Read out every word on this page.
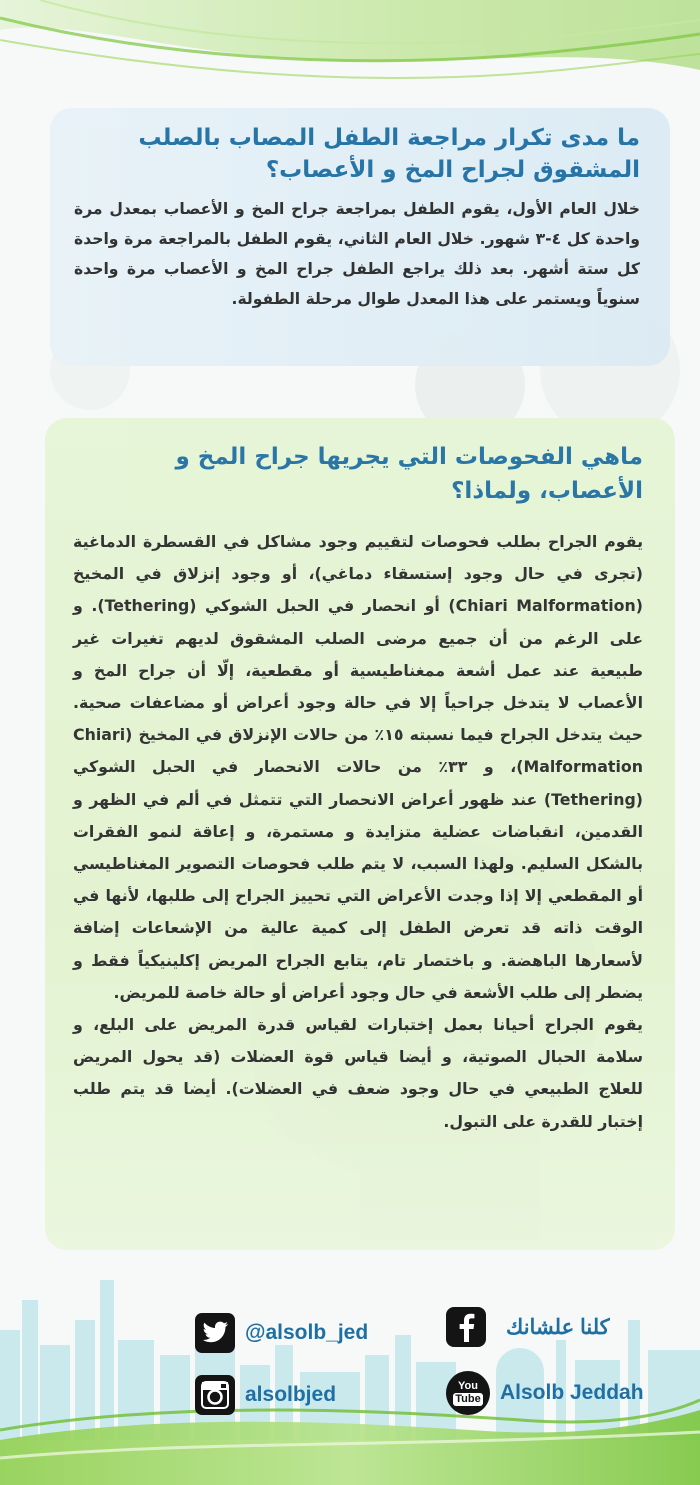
ما مدى تكرار مراجعة الطفل المصاب بالصلب المشقوق لجراح المخ و الأعصاب؟

خلال العام الأول، يقوم الطفل بمراجعة جراح المخ و الأعصاب بمعدل مرة واحدة كل ٤-٣ شهور. خلال العام الثاني، يقوم الطفل بالمراجعة مرة واحدة كل ستة أشهر. بعد ذلك يراجع الطفل جراح المخ و الأعصاب مرة واحدة سنوياً ويستمر على هذا المعدل طوال مرحلة الطفولة.

ماهي الفحوصات التي يجريها جراح المخ و الأعصاب، ولماذا؟

يقوم الجراح بطلب فحوصات لتقييم وجود مشاكل في القسطرة الدماغية (تجرى في حال وجود إستسقاء دماغي)، أو وجود إنزلاق في المخيخ (Chiari Malformation) أو انحصار في الحبل الشوكي (Tethering). و على الرغم من أن جميع مرضى الصلب المشقوق لديهم تغيرات غير طبيعية عند عمل أشعة ممغناطيسية أو مقطعية، إلّا أن جراح المخ و الأعصاب لا يتدخل جراحياً إلا في حالة وجود أعراض أو مضاعفات صحية. حيث يتدخل الجراح فيما نسبته ١٥٪ من حالات الإنزلاق في المخيخ (Chiari Malformation)، و ٣٣٪ من حالات الانحصار في الحبل الشوكي (Tethering) عند ظهور أعراض الانحصار التي تتمثل في ألم في الظهر و القدمين، انقباضات عضلية متزايدة و مستمرة، و إعاقة لنمو الفقرات بالشكل السليم. ولهذا السبب، لا يتم طلب فحوصات التصوير المغناطيسي أو المقطعي إلا إذا وجدت الأعراض التي تحييز الجراح إلى طلبها، لأنها في الوقت ذاته قد تعرض الطفل إلى كمية عالية من الإشعاعات إضافة لأسعارها الباهضة. و باختصار تام، يتابع الجراح المريض إكلينيكياً فقط و يضطر إلى طلب الأشعة في حال وجود أعراض أو حالة خاصة للمريض.

يقوم الجراح أحيانا بعمل إختبارات لقياس قدرة المريض على البلع، و سلامة الحبال الصوتية، و أيضا قياس قوة العضلات (قد يحول المريض للعلاج الطبيعي في حال وجود ضعف في العضلات). أيضا قد يتم طلب إختبار للقدرة على التبول.

@alsolb_jed	كلنا علشانك
alsolbjed	You
Tube Alsolb Jeddah
